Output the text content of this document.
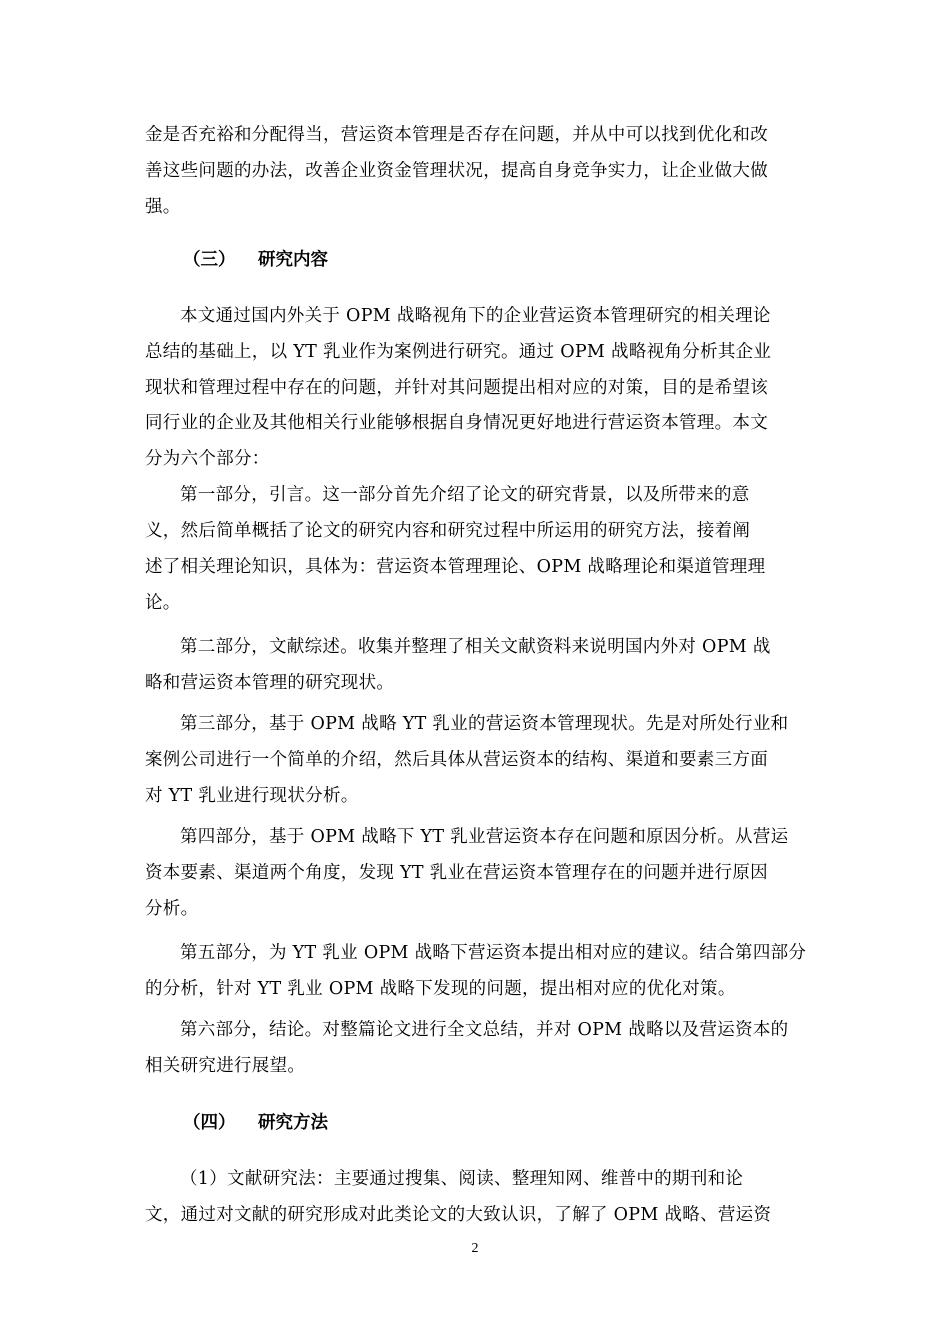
金是否充裕和分配得当，营运资本管理是否存在问题，并从中可以找到优化和改
善这些问题的办法，改善企业资金管理状况，提高自身竞争实力，让企业做大做
强。
（三） 研究内容
本文通过国内外关于 OPM 战略视角下的企业营运资本管理研究的相关理论
总结的基础上，以 YT 乳业作为案例进行研究。通过 OPM 战略视角分析其企业
现状和管理过程中存在的问题，并针对其问题提出相对应的对策，目的是希望该
同行业的企业及其他相关行业能够根据自身情况更好地进行营运资本管理。本文
分为六个部分：
第一部分，引言。这一部分首先介绍了论文的研究背景，以及所带来的意
义，然后简单概括了论文的研究内容和研究过程中所运用的研究方法，接着阐
述了相关理论知识，具体为：营运资本管理理论、OPM 战略理论和渠道管理理
论。
第二部分，文献综述。收集并整理了相关文献资料来说明国内外对 OPM 战
略和营运资本管理的研究现状。
第三部分，基于 OPM 战略 YT 乳业的营运资本管理现状。先是对所处行业和
案例公司进行一个简单的介绍，然后具体从营运资本的结构、渠道和要素三方面
对 YT 乳业进行现状分析。
第四部分，基于 OPM 战略下 YT 乳业营运资本存在问题和原因分析。从营运
资本要素、渠道两个角度，发现 YT 乳业在营运资本管理存在的问题并进行原因
分析。
第五部分，为 YT 乳业 OPM 战略下营运资本提出相对应的建议。结合第四部分
的分析，针对 YT 乳业 OPM 战略下发现的问题，提出相对应的优化对策。
第六部分，结论。对整篇论文进行全文总结，并对 OPM 战略以及营运资本的
相关研究进行展望。
（四） 研究方法
（1）文献研究法：主要通过搜集、阅读、整理知网、维普中的期刊和论
文，通过对文献的研究形成对此类论文的大致认识，了解了 OPM 战略、营运资
2
